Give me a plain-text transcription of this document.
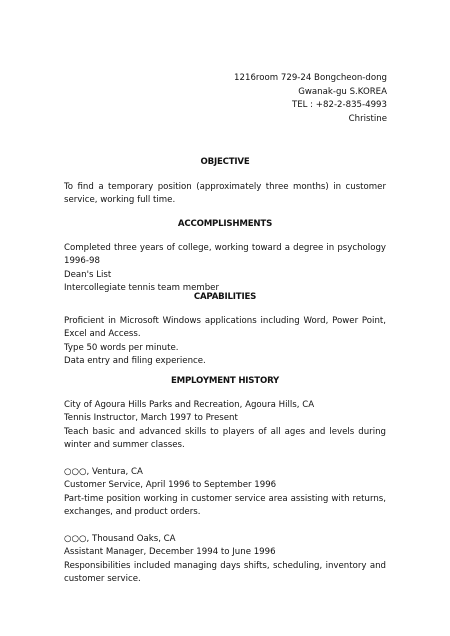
1216room 729-24 Bongcheon-dong
Gwanak-gu S.KOREA
TEL : +82-2-835-4993
Christine
OBJECTIVE

To find a temporary position (approximately three months) in customer service, working full time.

ACCOMPLISHMENTS

Completed three years of college, working toward a degree in psychology 1996-98

Dean's List

Intercollegiate tennis team member

CAPABILITIES

Proficient in Microsoft Windows applications including Word, Power Point, Excel and Access.

Type 50 words per minute.

Data entry and filing experience.

EMPLOYMENT HISTORY

City of Agoura Hills Parks and Recreation, Agoura Hills, CA

Tennis Instructor, March 1997 to Present

Teach basic and advanced skills to players of all ages and levels during winter and summer classes.

○○○, Ventura, CA

Customer Service, April 1996 to September 1996

Part-time position working in customer service area assisting with returns, exchanges, and product orders.

○○○, Thousand Oaks, CA

Assistant Manager, December 1994 to June 1996

Responsibilities included managing days shifts, scheduling, inventory and customer service.
